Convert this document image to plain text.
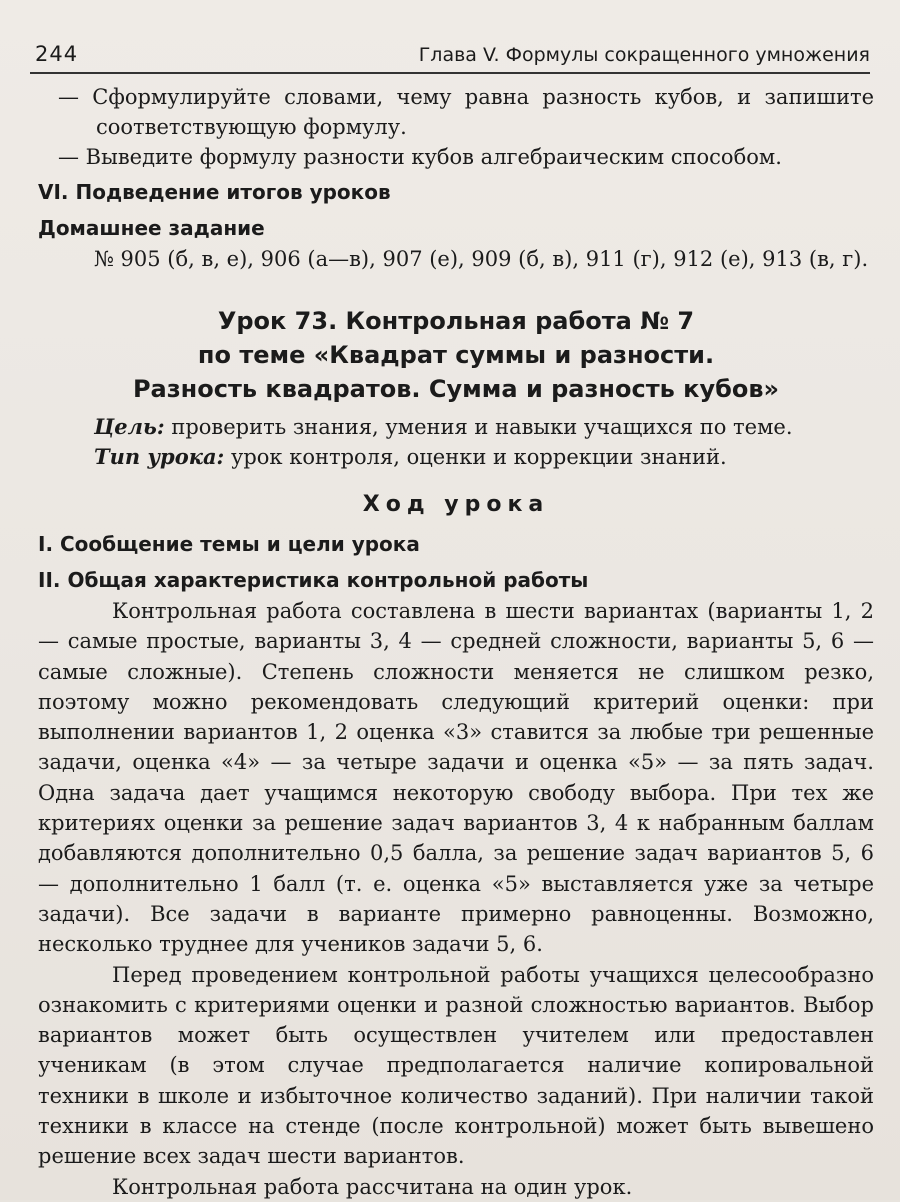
244	Глава V. Формулы сокращенного умножения

— Сформулируйте словами, чему равна разность кубов, и запишите соответствующую формулу.

— Выведите формулу разности кубов алгебраическим способом.

VI. Подведение итогов уроков
Домашнее задание

№ 905 (б, в, е), 906 (а—в), 907 (е), 909 (б, в), 911 (г), 912 (е), 913 (в, г).

Урок 73. Контрольная работа № 7
по теме «Квадрат суммы и разности.
Разность квадратов. Сумма и разность кубов»

Цель: проверить знания, умения и навыки учащихся по теме.

Тип урока: урок контроля, оценки и коррекции знаний.

Ход урока
I. Сообщение темы и цели урока
II. Общая характеристика контрольной работы

Контрольная работа составлена в шести вариантах (варианты 1, 2 — самые простые, варианты 3, 4 — средней сложности, варианты 5, 6 — самые сложные). Степень сложности меняется не слишком резко, поэтому можно рекомендовать следующий критерий оценки: при выполнении вариантов 1, 2 оценка «3» ставится за любые три решенные задачи, оценка «4» — за четыре задачи и оценка «5» — за пять задач. Одна задача дает учащимся некоторую свободу выбора. При тех же критериях оценки за решение задач вариантов 3, 4 к набранным баллам добавляются дополнительно 0,5 балла, за решение задач вариантов 5, 6 — дополнительно 1 балл (т. е. оценка «5» выставляется уже за четыре задачи). Все задачи в варианте примерно равноценны. Возможно, несколько труднее для учеников задачи 5, 6.

Перед проведением контрольной работы учащихся целесообразно ознакомить с критериями оценки и разной сложностью вариантов. Выбор вариантов может быть осуществлен учителем или предоставлен ученикам (в этом случае предполагается наличие копировальной техники в школе и избыточное количество заданий). При наличии такой техники в классе на стенде (после контрольной) может быть вывешено решение всех задач шести вариантов.

Контрольная работа рассчитана на один урок.
